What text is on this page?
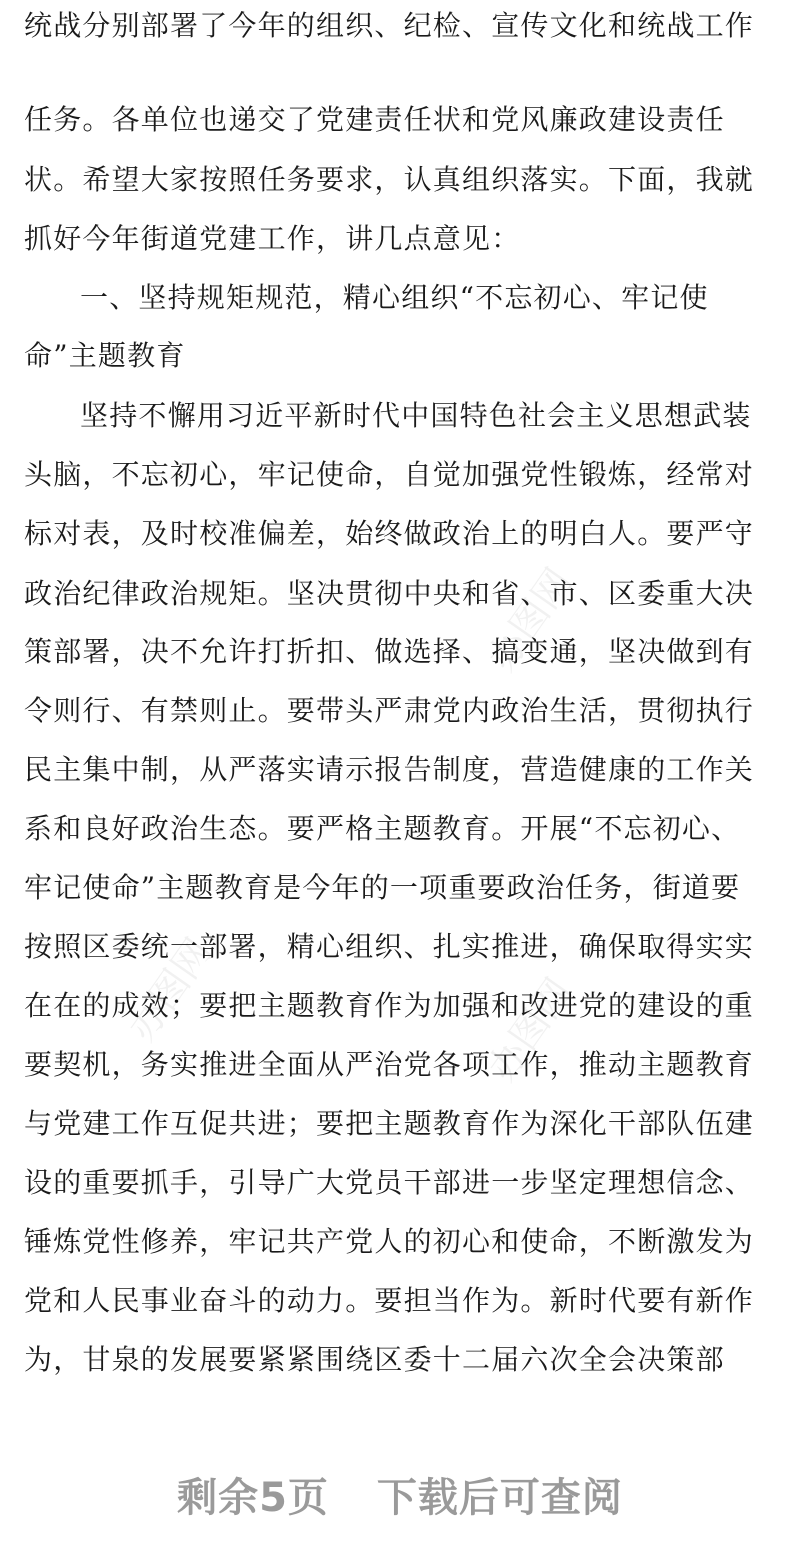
办图网
办图网	办图网
统战分别部署了今年的组织、纪检、宣传文化和统战工作
任务。各单位也递交了党建责任状和党风廉政建设责任
状。希望大家按照任务要求，认真组织落实。下面，我就
抓好今年街道党建工作，讲几点意见：
一、坚持规矩规范，精心组织“不忘初心、牢记使
命”主题教育
坚持不懈用习近平新时代中国特色社会主义思想武装
头脑，不忘初心，牢记使命，自觉加强党性锻炼，经常对
标对表，及时校准偏差，始终做政治上的明白人。要严守
政治纪律政治规矩。坚决贯彻中央和省、市、区委重大决
策部署，决不允许打折扣、做选择、搞变通，坚决做到有
令则行、有禁则止。要带头严肃党内政治生活，贯彻执行
民主集中制，从严落实请示报告制度，营造健康的工作关
系和良好政治生态。要严格主题教育。开展“不忘初心、
牢记使命”主题教育是今年的一项重要政治任务，街道要
按照区委统一部署，精心组织、扎实推进，确保取得实实
在在的成效；要把主题教育作为加强和改进党的建设的重
要契机，务实推进全面从严治党各项工作，推动主题教育
与党建工作互促共进；要把主题教育作为深化干部队伍建
设的重要抓手，引导广大党员干部进一步坚定理想信念、
锤炼党性修养，牢记共产党人的初心和使命，不断激发为
党和人民事业奋斗的动力。要担当作为。新时代要有新作
为，甘泉的发展要紧紧围绕区委十二届六次全会决策部
剩余5页 下载后可查阅
